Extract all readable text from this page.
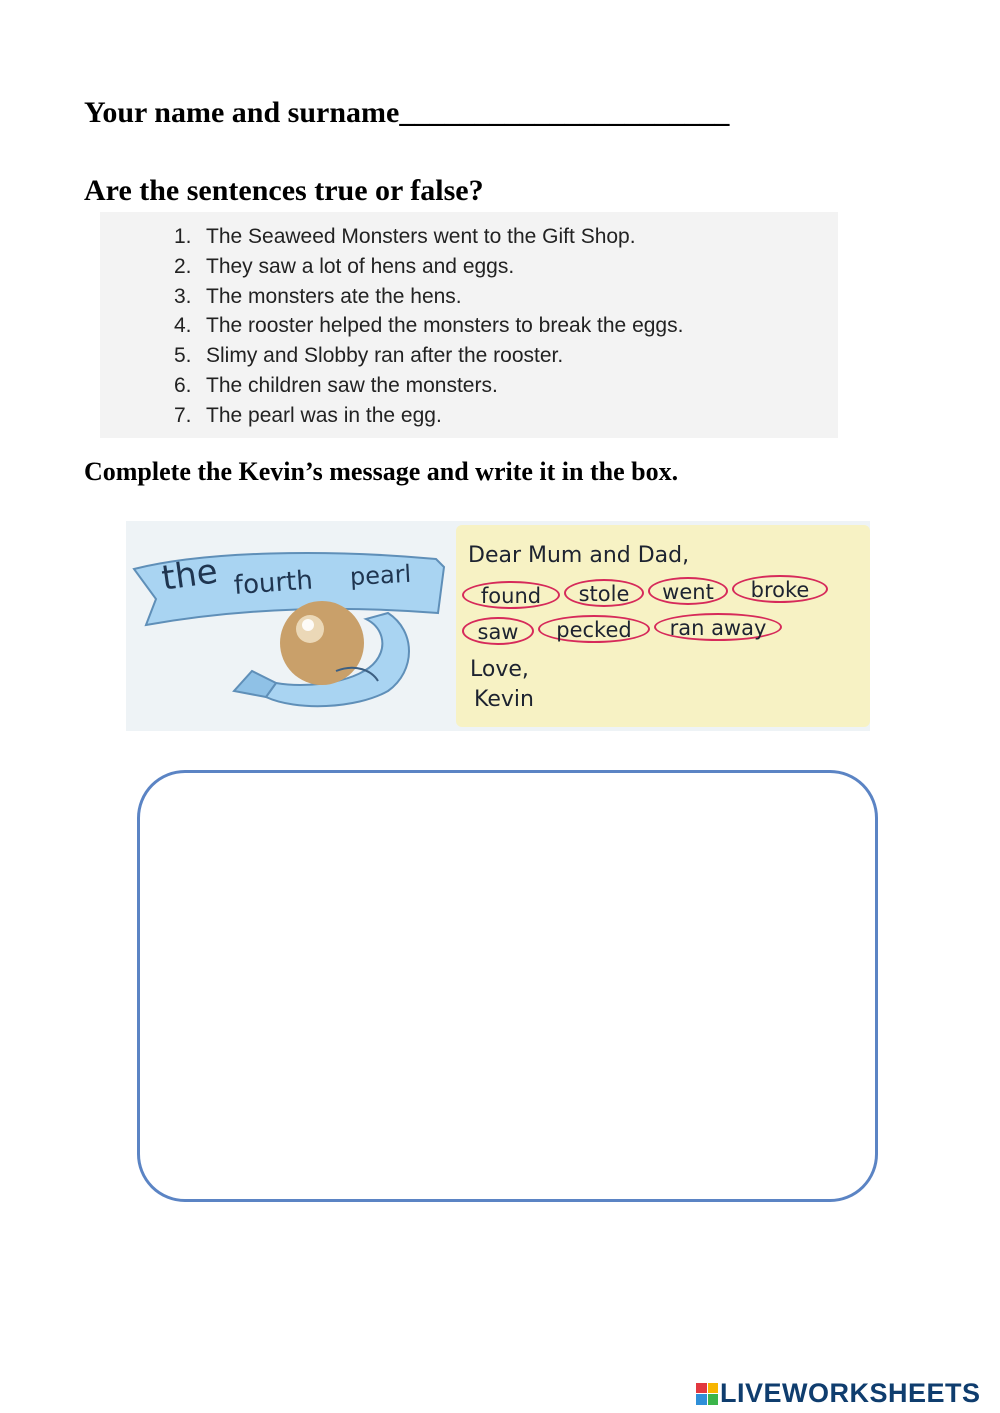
Your name and surname______________________
Are the sentences true or false?
1. The Seaweed Monsters went to the Gift Shop.
2. They saw a lot of hens and eggs.
3. The monsters ate the hens.
4. The rooster helped the monsters to break the eggs.
5. Slimy and Slobby ran after the rooster.
6. The children saw the monsters.
7. The pearl was in the egg.
Complete the Kevin’s message and write it in the box.
the fourth pearl
Dear Mum and Dad,
found	stole	went	broke
saw	pecked	ran away
Love,
Kevin
LIVEWORKSHEETS
